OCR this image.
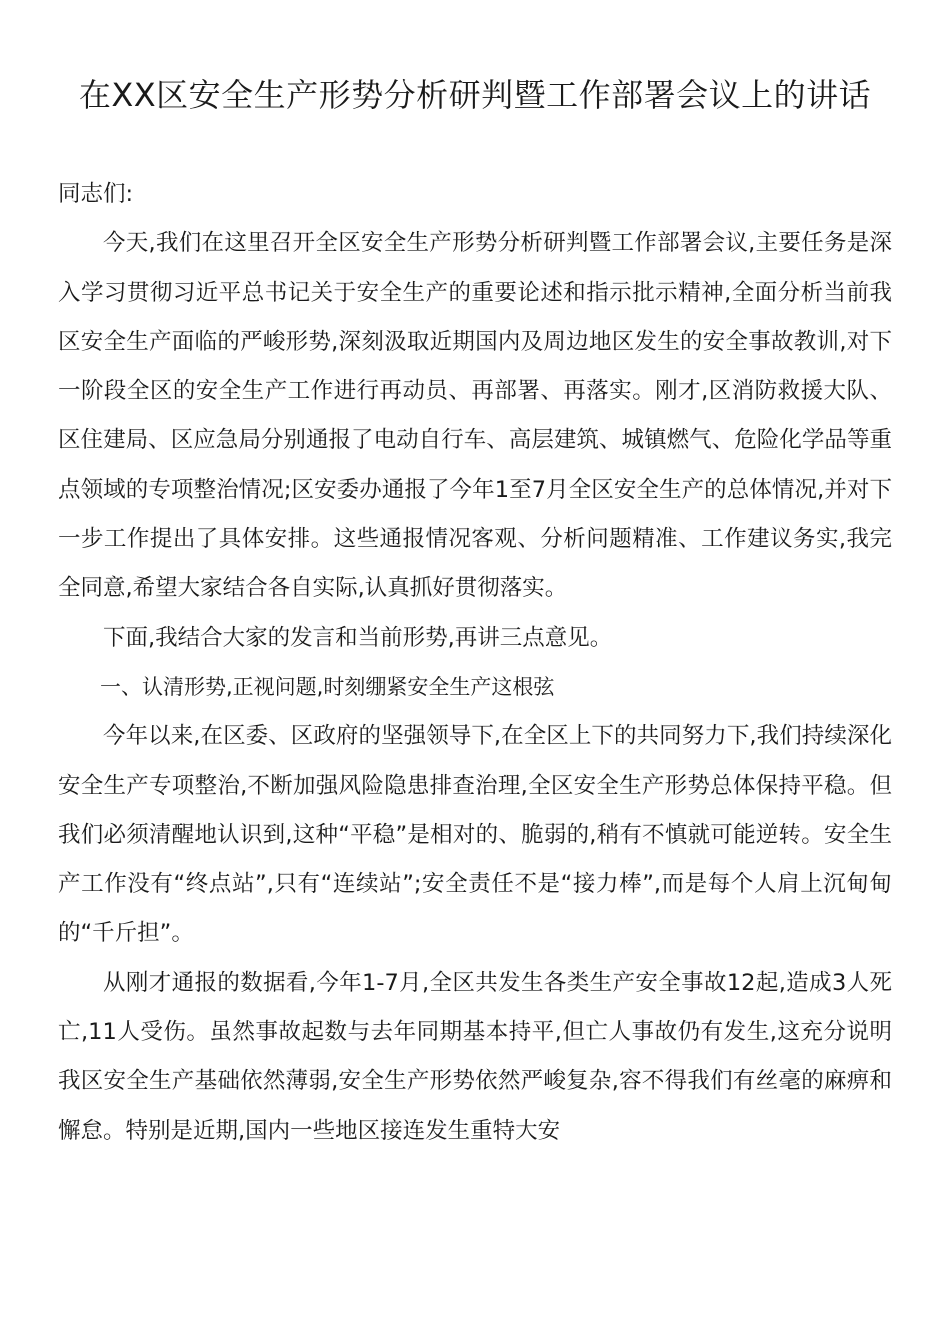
在XX区安全生产形势分析研判暨工作部署会议上的讲话

同志们:

今天,我们在这里召开全区安全生产形势分析研判暨工作部署会议,主要任务是深入学习贯彻习近平总书记关于安全生产的重要论述和指示批示精神,全面分析当前我区安全生产面临的严峻形势,深刻汲取近期国内及周边地区发生的安全事故教训,对下一阶段全区的安全生产工作进行再动员、再部署、再落实。刚才,区消防救援大队、区住建局、区应急局分别通报了电动自行车、高层建筑、城镇燃气、危险化学品等重点领域的专项整治情况;区安委办通报了今年1至7月全区安全生产的总体情况,并对下一步工作提出了具体安排。这些通报情况客观、分析问题精准、工作建议务实,我完全同意,希望大家结合各自实际,认真抓好贯彻落实。

下面,我结合大家的发言和当前形势,再讲三点意见。

一、认清形势,正视问题,时刻绷紧安全生产这根弦

今年以来,在区委、区政府的坚强领导下,在全区上下的共同努力下,我们持续深化安全生产专项整治,不断加强风险隐患排查治理,全区安全生产形势总体保持平稳。但我们必须清醒地认识到,这种“平稳”是相对的、脆弱的,稍有不慎就可能逆转。安全生产工作没有“终点站”,只有“连续站”;安全责任不是“接力棒”,而是每个人肩上沉甸甸的“千斤担”。

从刚才通报的数据看,今年1-7月,全区共发生各类生产安全事故12起,造成3人死亡,11人受伤。虽然事故起数与去年同期基本持平,但亡人事故仍有发生,这充分说明我区安全生产基础依然薄弱,安全生产形势依然严峻复杂,容不得我们有丝毫的麻痹和懈怠。特别是近期,国内一些地区接连发生重特大安
